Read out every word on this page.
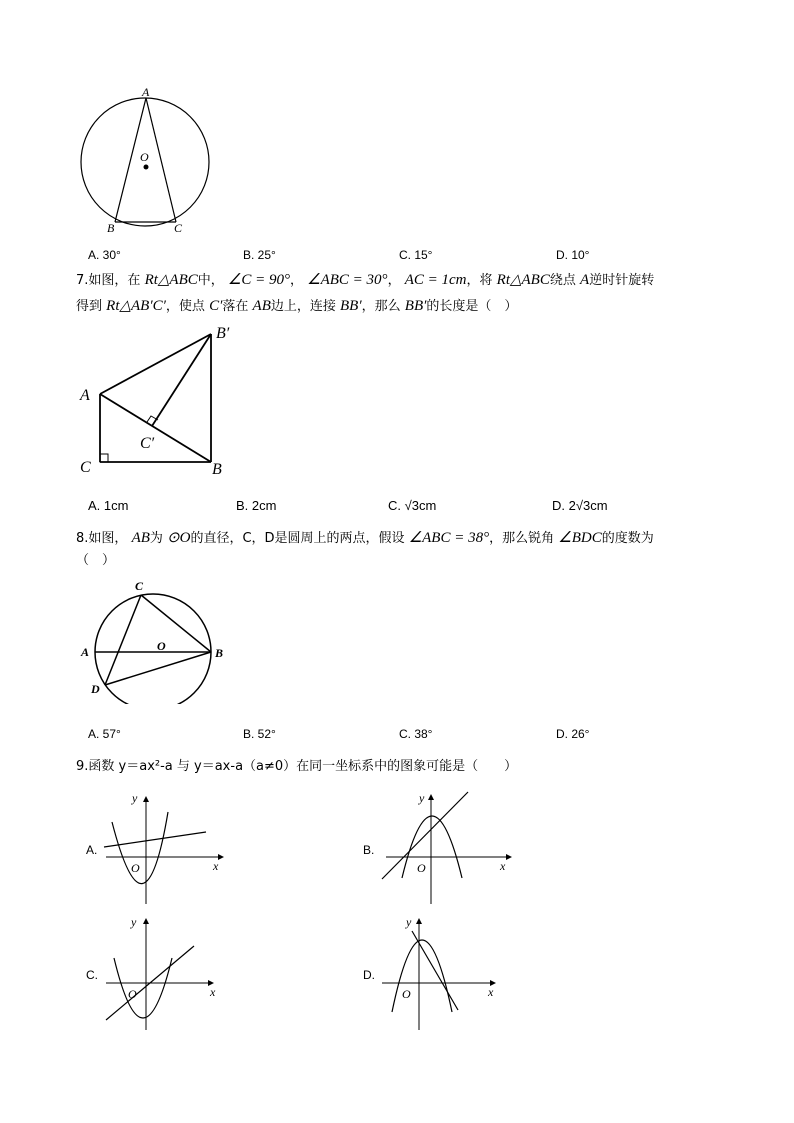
A
O
B	C
A. 30°	B. 25°	C. 15°	D. 10°
7.如图，在 Rt△ABC中， ∠C = 90°， ∠ABC = 30°， AC = 1cm，将 Rt△ABC绕点 A逆时针旋转
得到 Rt△AB′C′，使点 C′落在 AB边上，连接 BB′，那么 BB′的长度是（　）
A
C	B
B′
C′
A. 1cm	B. 2cm	C. √3cm	D. 2√3cm
8.如图， AB为 ⊙O的直径，C，D是圆周上的两点，假设 ∠ABC = 38°，那么锐角 ∠BDC的度数为
（　）
C
A	O	B
D
A. 57°	B. 52°	C. 38°	D. 26°
9.函数 y＝ax²-a 与 y＝ax-a（a≠0）在同一坐标系中的图象可能是（　　）
A.
y
x
O
B.
y
x
O
C.
y
x
O
D.
y
x
O
